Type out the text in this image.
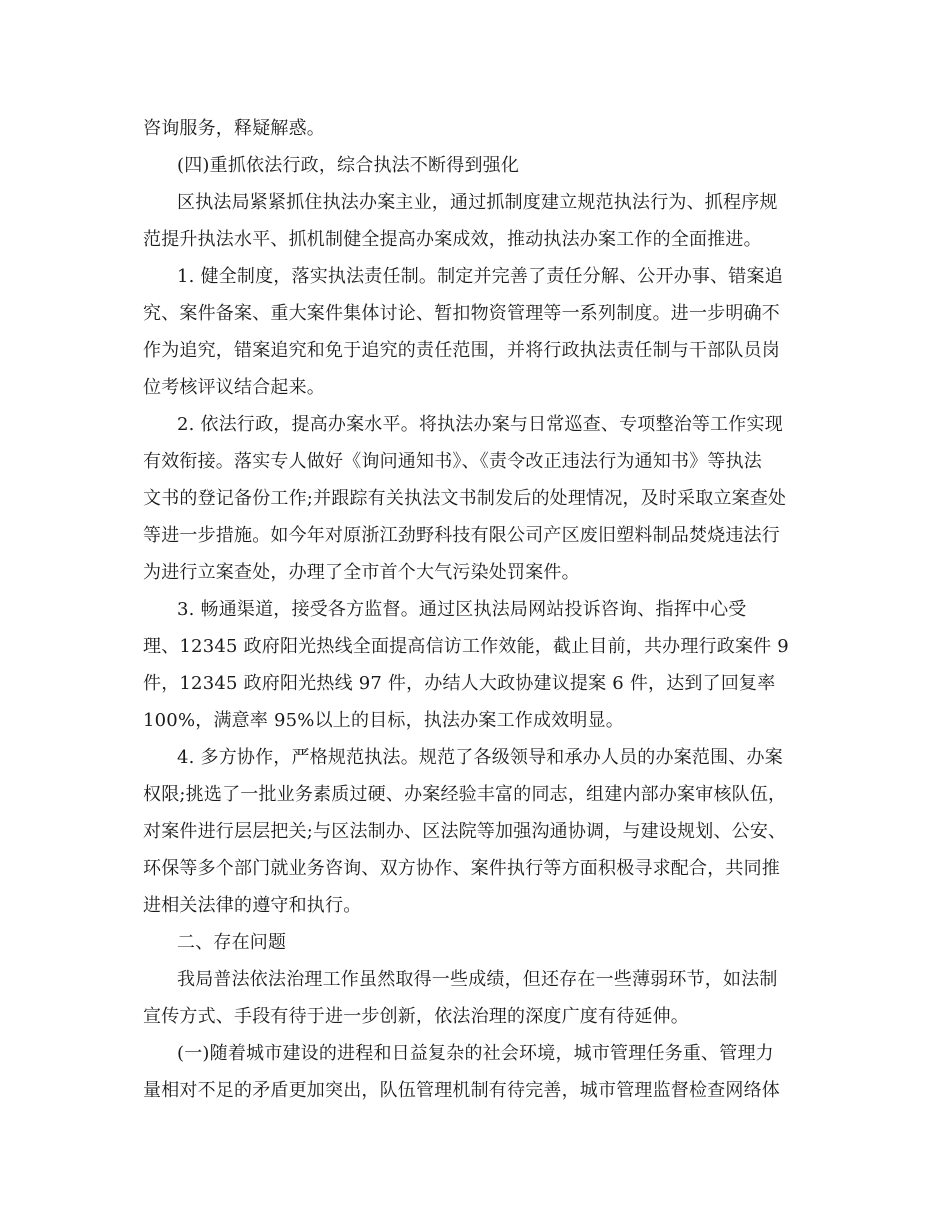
咨询服务，释疑解惑。
(四)重抓依法行政，综合执法不断得到强化
区执法局紧紧抓住执法办案主业，通过抓制度建立规范执法行为、抓程序规
范提升执法水平、抓机制健全提高办案成效，推动执法办案工作的全面推进。
1. 健全制度，落实执法责任制。制定并完善了责任分解、公开办事、错案追
究、案件备案、重大案件集体讨论、暂扣物资管理等一系列制度。进一步明确不
作为追究，错案追究和免于追究的责任范围，并将行政执法责任制与干部队员岗
位考核评议结合起来。
2. 依法行政，提高办案水平。将执法办案与日常巡查、专项整治等工作实现
有效衔接。落实专人做好《询问通知书》、《责令改正违法行为通知书》等执法
文书的登记备份工作;并跟踪有关执法文书制发后的处理情况，及时采取立案查处
等进一步措施。如今年对原浙江劲野科技有限公司产区废旧塑料制品焚烧违法行
为进行立案查处，办理了全市首个大气污染处罚案件。
3. 畅通渠道，接受各方监督。通过区执法局网站投诉咨询、指挥中心受
理、12345 政府阳光热线全面提高信访工作效能，截止目前，共办理行政案件 9
件，12345 政府阳光热线 97 件，办结人大政协建议提案 6 件，达到了回复率
100%，满意率 95%以上的目标，执法办案工作成效明显。
4. 多方协作，严格规范执法。规范了各级领导和承办人员的办案范围、办案
权限;挑选了一批业务素质过硬、办案经验丰富的同志，组建内部办案审核队伍，
对案件进行层层把关;与区法制办、区法院等加强沟通协调，与建设规划、公安、
环保等多个部门就业务咨询、双方协作、案件执行等方面积极寻求配合，共同推
进相关法律的遵守和执行。
二、存在问题
我局普法依法治理工作虽然取得一些成绩，但还存在一些薄弱环节，如法制
宣传方式、手段有待于进一步创新，依法治理的深度广度有待延伸。
(一)随着城市建设的进程和日益复杂的社会环境，城市管理任务重、管理力
量相对不足的矛盾更加突出，队伍管理机制有待完善，城市管理监督检查网络体
